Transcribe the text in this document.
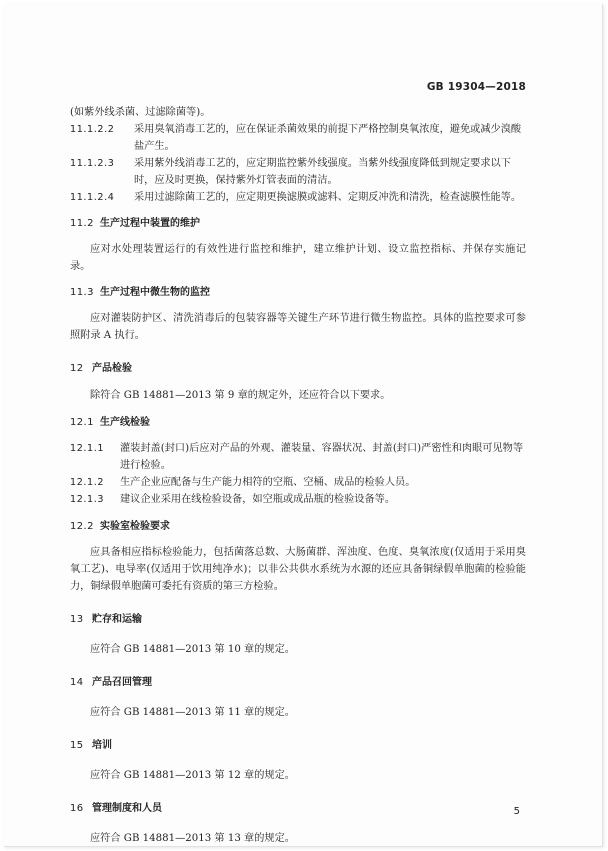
GB 19304—2018

(如紫外线杀菌、过滤除菌等)。

11.1.2.2	采用臭氧消毒工艺的，应在保证杀菌效果的前提下严格控制臭氧浓度，避免或减少溴酸盐产生。
11.1.2.3	采用紫外线消毒工艺的，应定期监控紫外线强度。当紫外线强度降低到规定要求以下时，应及时更换，保持紫外灯管表面的清洁。
11.1.2.4	采用过滤除菌工艺的，应定期更换滤膜或滤料、定期反冲洗和清洗，检查滤膜性能等。
11.2 生产过程中装置的维护

应对水处理装置运行的有效性进行监控和维护，建立维护计划、设立监控指标、并保存实施记录。

11.3 生产过程中微生物的监控

应对灌装防护区、清洗消毒后的包装容器等关键生产环节进行微生物监控。具体的监控要求可参照附录 A 执行。

12 产品检验

除符合 GB 14881—2013 第 9 章的规定外，还应符合以下要求。

12.1 生产线检验
12.1.1	灌装封盖(封口)后应对产品的外观、灌装量、容器状况、封盖(封口)严密性和肉眼可见物等进行检验。
12.1.2	生产企业应配备与生产能力相符的空瓶、空桶、成品的检验人员。
12.1.3	建议企业采用在线检验设备，如空瓶或成品瓶的检验设备等。
12.2 实验室检验要求

应具备相应指标检验能力，包括菌落总数、大肠菌群、浑浊度、色度、臭氧浓度(仅适用于采用臭氧工艺)、电导率(仅适用于饮用纯净水)；以非公共供水系统为水源的还应具备铜绿假单胞菌的检验能力，铜绿假单胞菌可委托有资质的第三方检验。

13 贮存和运输

应符合 GB 14881—2013 第 10 章的规定。

14 产品召回管理

应符合 GB 14881—2013 第 11 章的规定。

15 培训

应符合 GB 14881—2013 第 12 章的规定。

16 管理制度和人员

应符合 GB 14881—2013 第 13 章的规定。

5
